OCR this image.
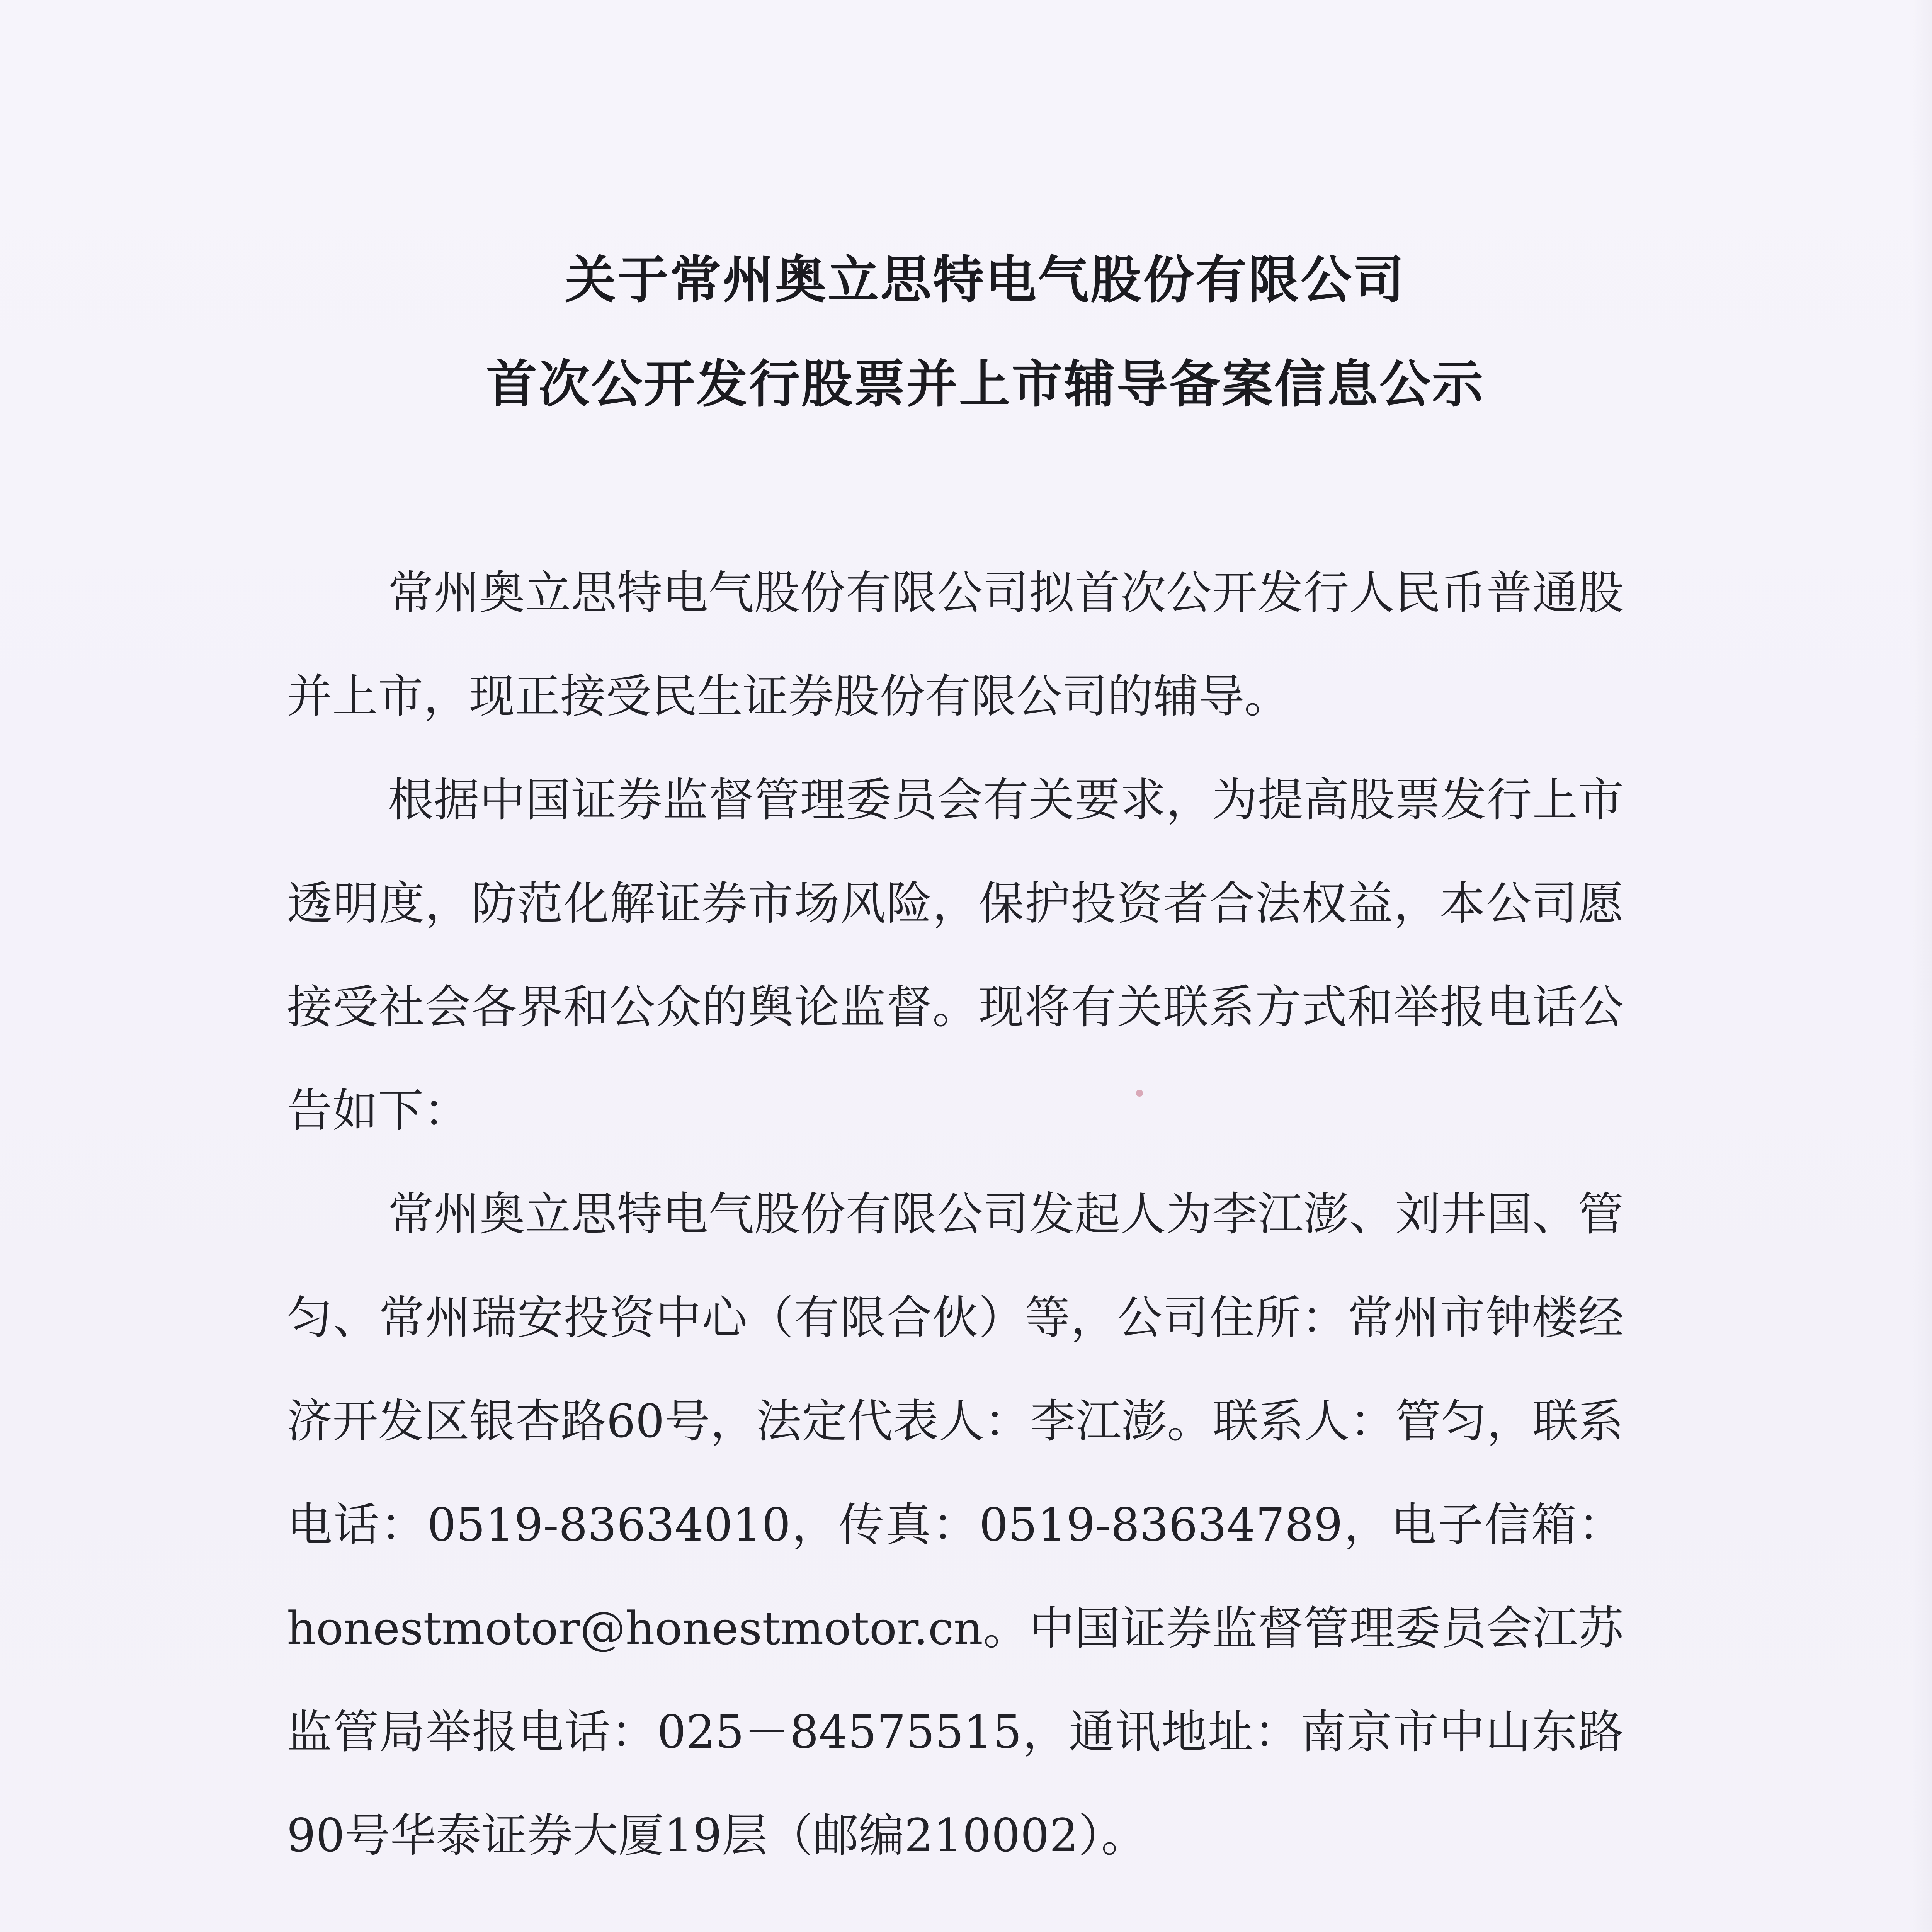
关于常州奥立思特电气股份有限公司
首次公开发行股票并上市辅导备案信息公示

常州奥立思特电气股份有限公司拟首次公开发行人民币普通股并上市，现正接受民生证券股份有限公司的辅导。

根据中国证券监督管理委员会有关要求，为提高股票发行上市透明度，防范化解证券市场风险，保护投资者合法权益，本公司愿接受社会各界和公众的舆论监督。现将有关联系方式和举报电话公告如下：

常州奥立思特电气股份有限公司发起人为李江澎、刘井国、管匀、常州瑞安投资中心（有限合伙）等，公司住所：常州市钟楼经济开发区银杏路60号，法定代表人：李江澎。联系人：管匀，联系电话：0519-83634010，传真：0519-83634789，电子信箱：honestmotor@honestmotor.cn。中国证券监督管理委员会江苏监管局举报电话：025－84575515，通讯地址：南京市中山东路90号华泰证券大厦19层（邮编210002）。
